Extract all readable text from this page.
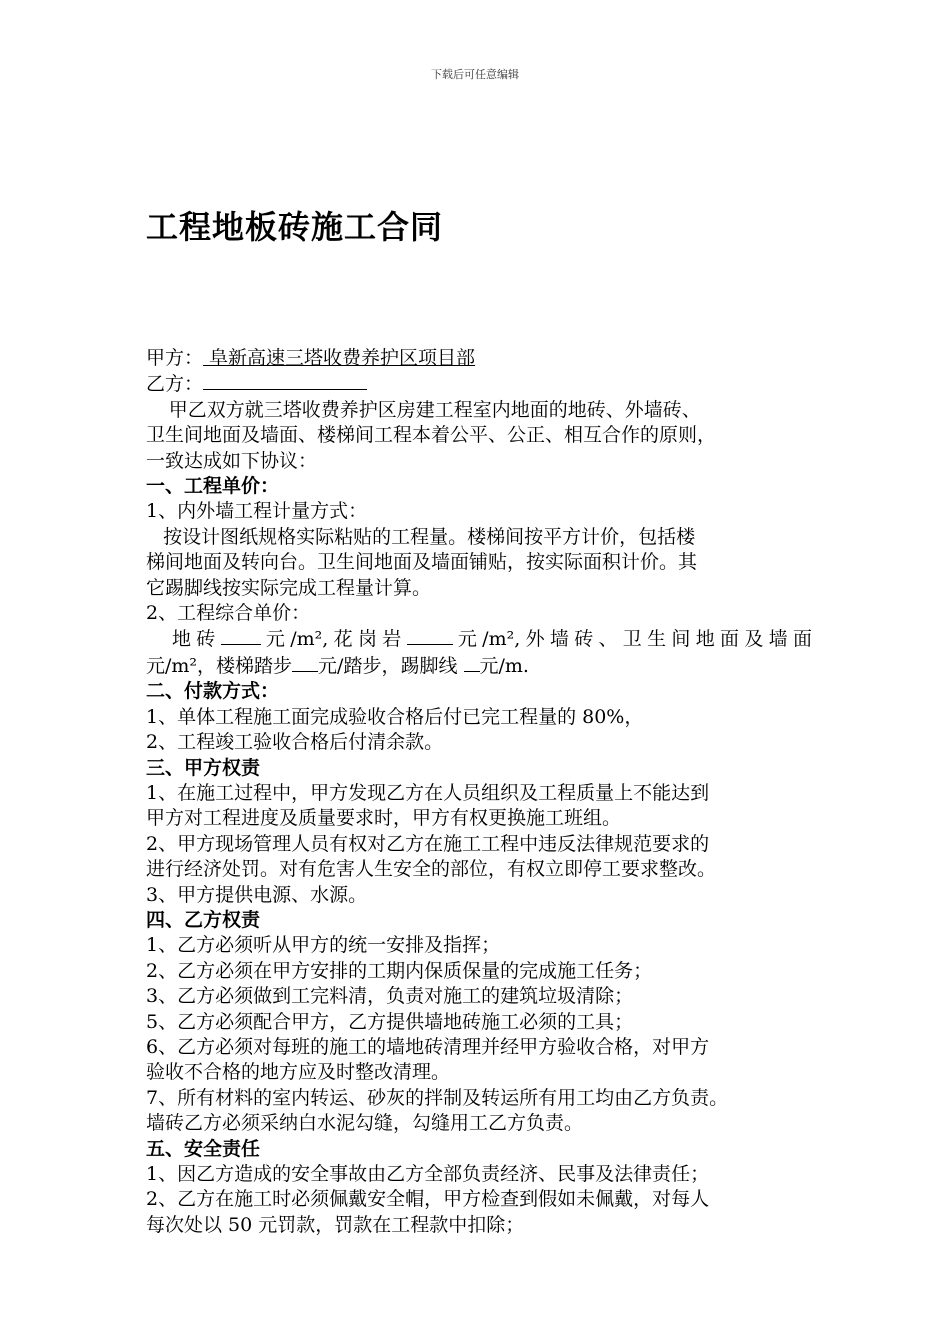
下载后可任意编辑
工程地板砖施工合同
甲方： 阜新高速三塔收费养护区项目部
乙方：
甲乙双方就三塔收费养护区房建工程室内地面的地砖、外墙砖、
卫生间地面及墙面、楼梯间工程本着公平、公正、相互合作的原则，
一致达成如下协议：
一、工程单价：
1、内外墙工程计量方式：
按设计图纸规格实际粘贴的工程量。楼梯间按平方计价，包括楼
梯间地面及转向台。卫生间地面及墙面铺贴，按实际面积计价。其
它踢脚线按实际完成工程量计算。
2、工程综合单价：
地砖 元/m²,花岗岩 元/m²,外墙砖、卫生间地面及墙面
元/m²，楼梯踏步 元/踏步，踢脚线 元/m.
二、付款方式：
1、单体工程施工面完成验收合格后付已完工程量的 80%，
2、工程竣工验收合格后付清余款。
三、甲方权责
1、在施工过程中，甲方发现乙方在人员组织及工程质量上不能达到
甲方对工程进度及质量要求时，甲方有权更换施工班组。
2、甲方现场管理人员有权对乙方在施工工程中违反法律规范要求的
进行经济处罚。对有危害人生安全的部位，有权立即停工要求整改。
3、甲方提供电源、水源。
四、乙方权责
1、乙方必须听从甲方的统一安排及指挥；
2、乙方必须在甲方安排的工期内保质保量的完成施工任务；
3、乙方必须做到工完料清，负责对施工的建筑垃圾清除；
5、乙方必须配合甲方，乙方提供墙地砖施工必须的工具；
6、乙方必须对每班的施工的墙地砖清理并经甲方验收合格，对甲方
验收不合格的地方应及时整改清理。
7、所有材料的室内转运、砂灰的拌制及转运所有用工均由乙方负责。
墙砖乙方必须采纳白水泥勾缝，勾缝用工乙方负责。
五、安全责任
1、因乙方造成的安全事故由乙方全部负责经济、民事及法律责任；
2、乙方在施工时必须佩戴安全帽，甲方检查到假如未佩戴，对每人
每次处以 50 元罚款，罚款在工程款中扣除；
